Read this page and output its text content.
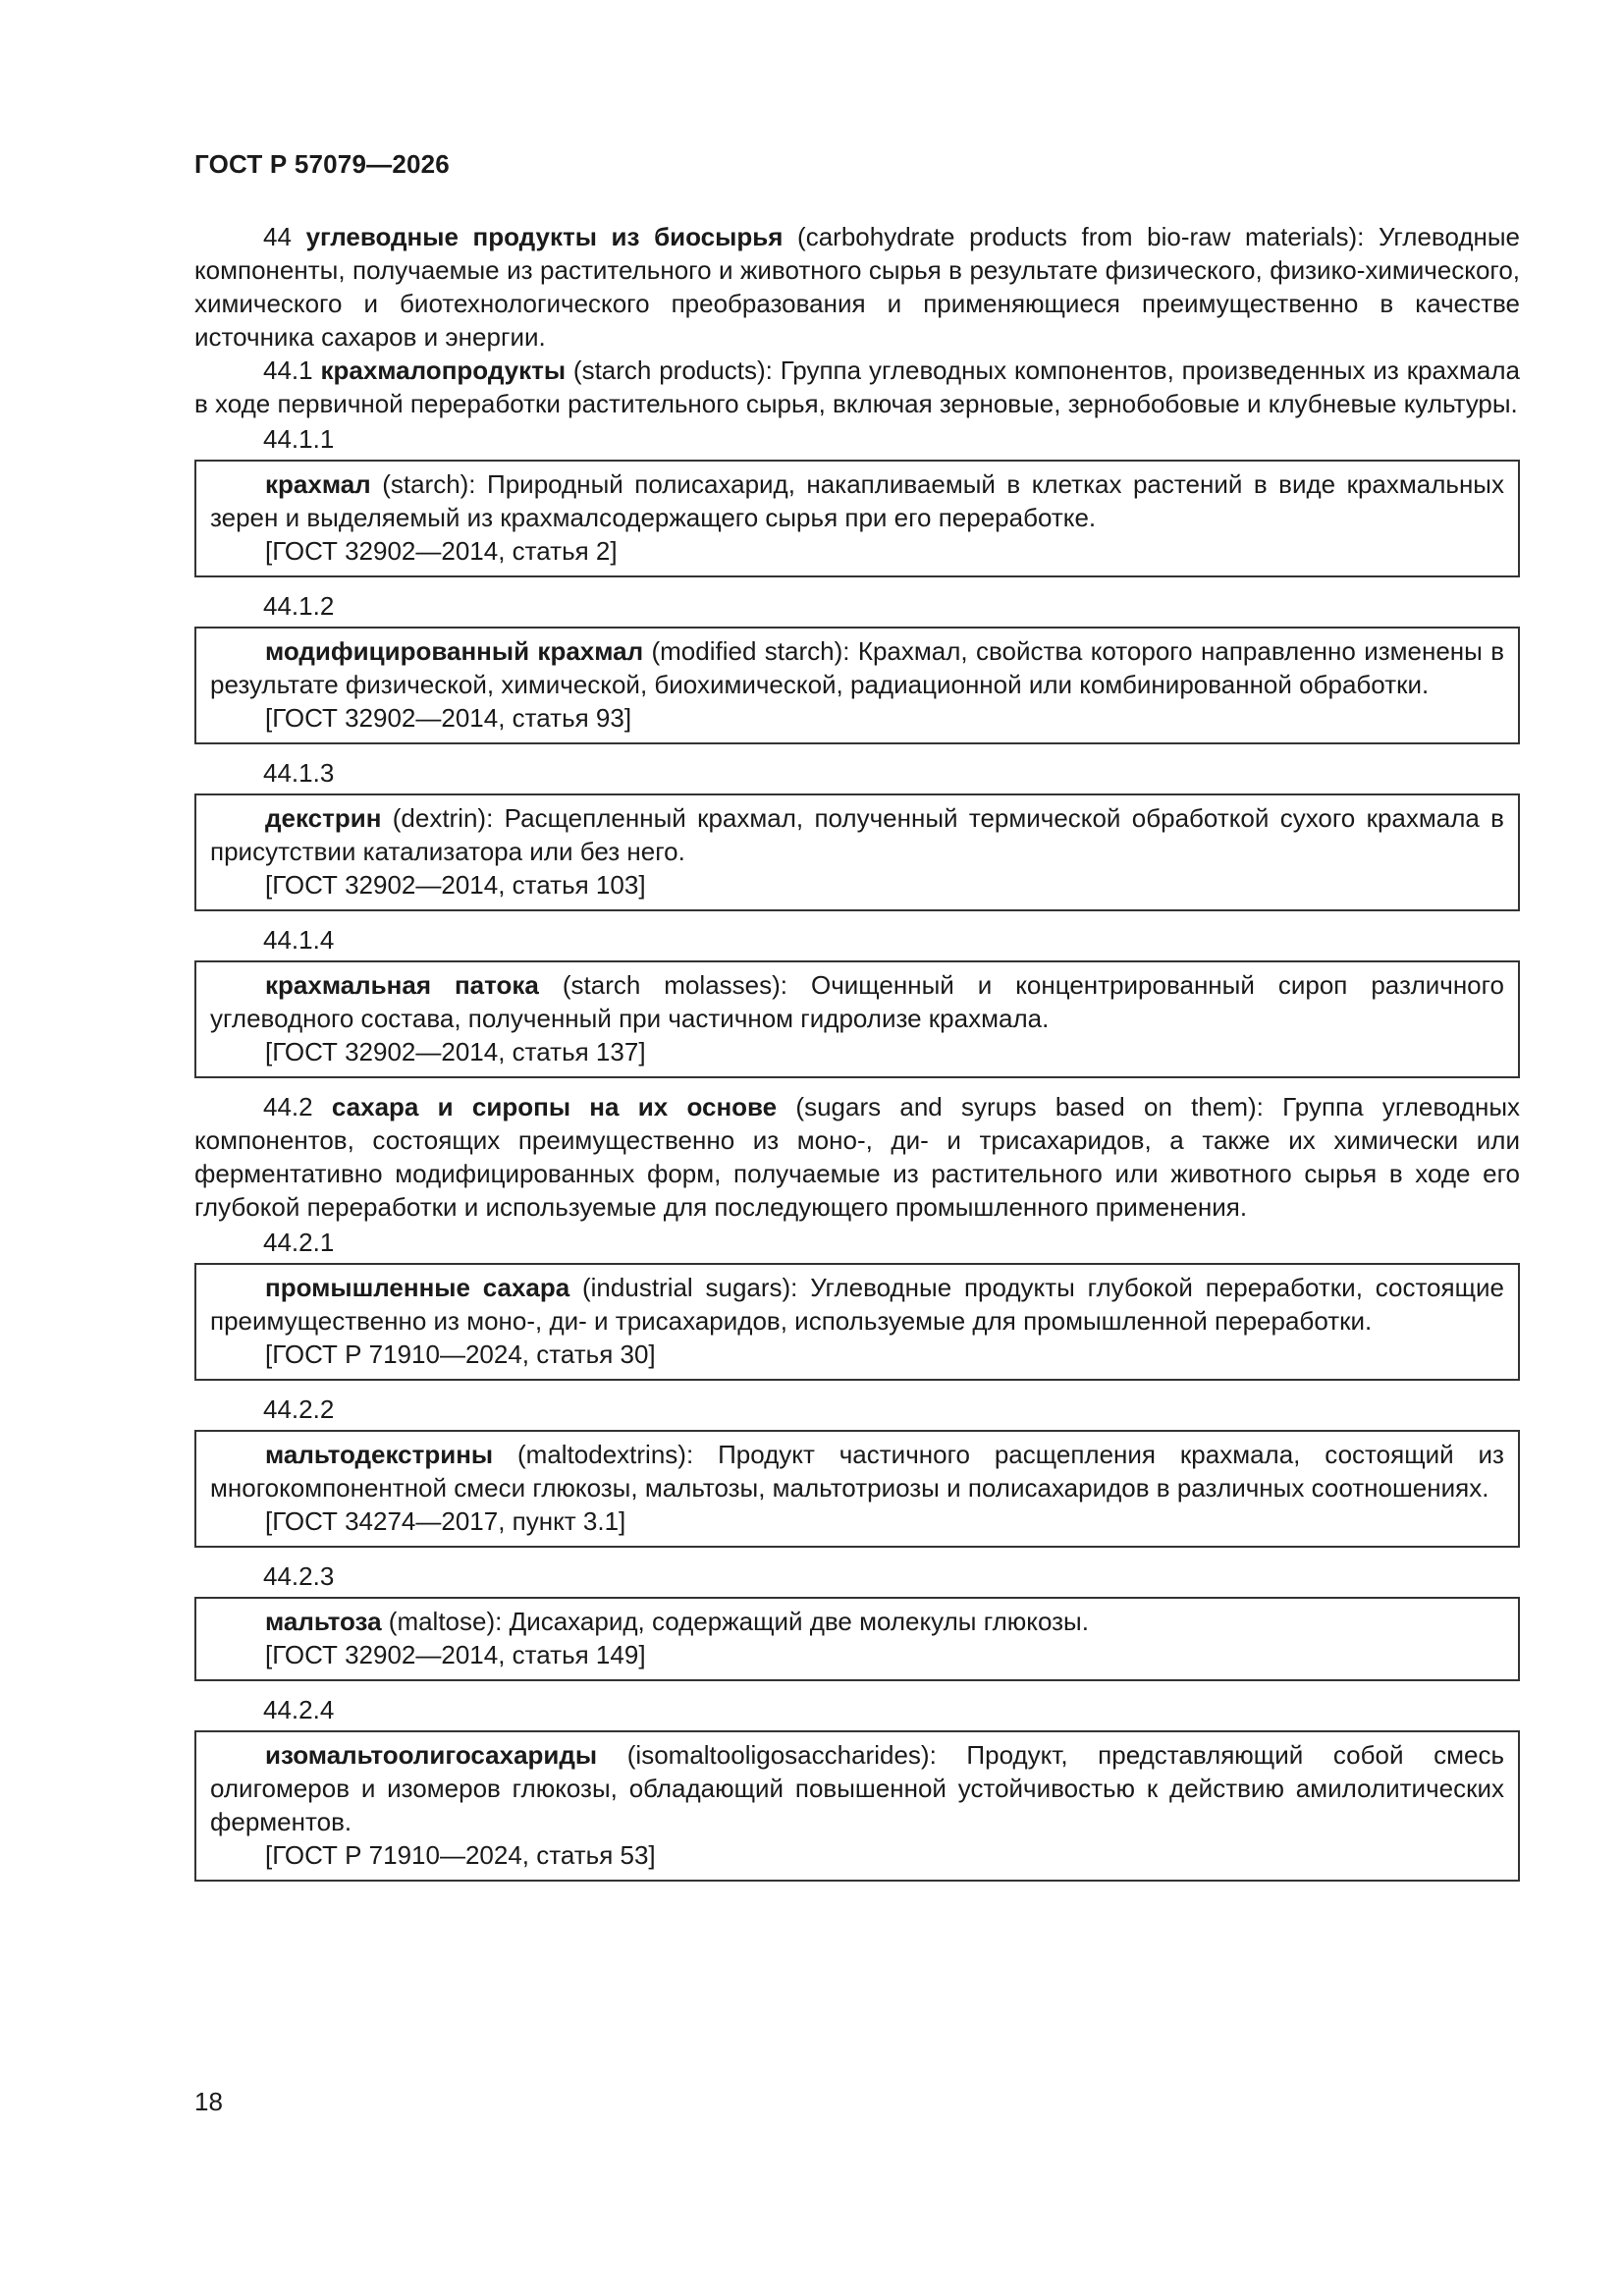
ГОСТ Р 57079—2026

44 углеводные продукты из биосырья (carbohydrate products from bio-raw materials): Углеводные компоненты, получаемые из растительного и животного сырья в результате физического, физико-химического, химического и биотехнологического преобразования и применяющиеся преимущественно в качестве источника сахаров и энергии.

44.1 крахмалопродукты (starch products): Группа углеводных компонентов, произведенных из крахмала в ходе первичной переработки растительного сырья, включая зерновые, зернобобовые и клубневые культуры.

44.1.1

крахмал (starch): Природный полисахарид, накапливаемый в клетках растений в виде крахмальных зерен и выделяемый из крахмалсодержащего сырья при его переработке.

[ГОСТ 32902—2014, статья 2]

44.1.2

модифицированный крахмал (modified starch): Крахмал, свойства которого направленно изменены в результате физической, химической, биохимической, радиационной или комбинированной обработки.

[ГОСТ 32902—2014, статья 93]

44.1.3

декстрин (dextrin): Расщепленный крахмал, полученный термической обработкой сухого крахмала в присутствии катализатора или без него.

[ГОСТ 32902—2014, статья 103]

44.1.4

крахмальная патока (starch molasses): Очищенный и концентрированный сироп различного углеводного состава, полученный при частичном гидролизе крахмала.

[ГОСТ 32902—2014, статья 137]

44.2 сахара и сиропы на их основе (sugars and syrups based on them): Группа углеводных компонентов, состоящих преимущественно из моно-, ди- и трисахаридов, а также их химически или ферментативно модифицированных форм, получаемые из растительного или животного сырья в ходе его глубокой переработки и используемые для последующего промышленного применения.

44.2.1

промышленные сахара (industrial sugars): Углеводные продукты глубокой переработки, состоящие преимущественно из моно-, ди- и трисахаридов, используемые для промышленной переработки.

[ГОСТ Р 71910—2024, статья 30]

44.2.2

мальтодекстрины (maltodextrins): Продукт частичного расщепления крахмала, состоящий из многокомпонентной смеси глюкозы, мальтозы, мальтотриозы и полисахаридов в различных соотношениях.

[ГОСТ 34274—2017, пункт 3.1]

44.2.3

мальтоза (maltose): Дисахарид, содержащий две молекулы глюкозы.

[ГОСТ 32902—2014, статья 149]

44.2.4

изомальтоолигосахариды (isomaltooligosaccharides): Продукт, представляющий собой смесь олигомеров и изомеров глюкозы, обладающий повышенной устойчивостью к действию амилолитических ферментов.

[ГОСТ Р 71910—2024, статья 53]

18
